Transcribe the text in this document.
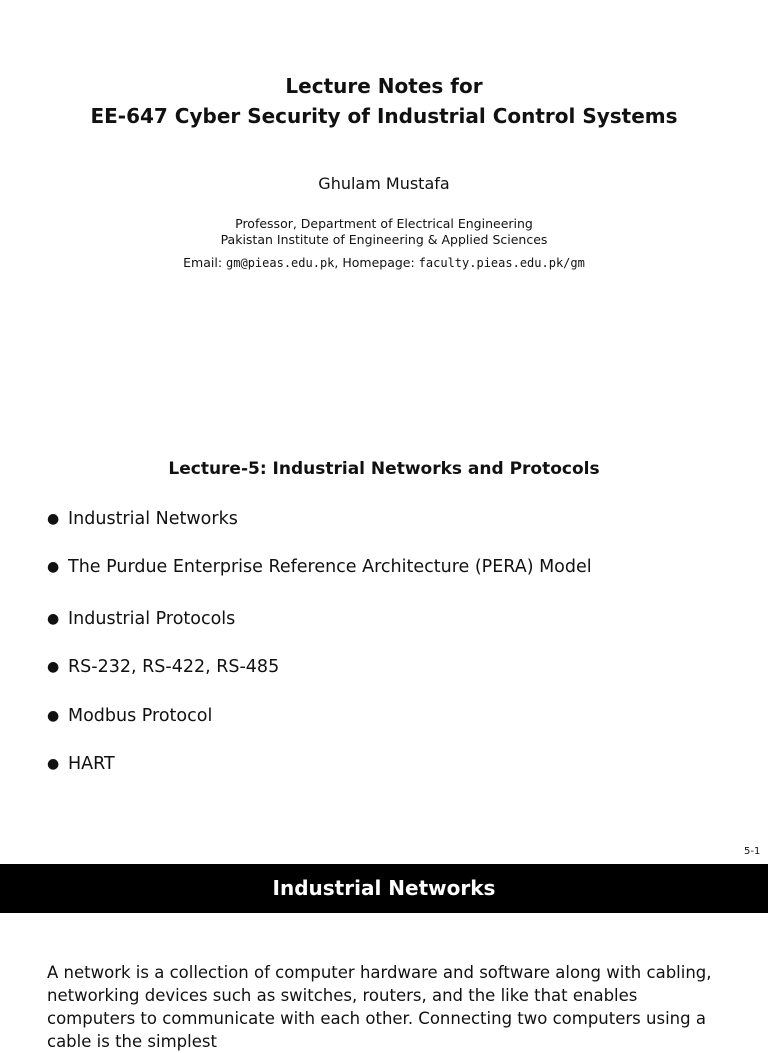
Lecture Notes for
EE-647 Cyber Security of Industrial Control Systems
Ghulam Mustafa
Professor, Department of Electrical Engineering
Pakistan Institute of Engineering & Applied Sciences
Email: gm@pieas.edu.pk, Homepage: faculty.pieas.edu.pk/gm
Lecture-5: Industrial Networks and Protocols
● Industrial Networks
● The Purdue Enterprise Reference Architecture (PERA) Model
● Industrial Protocols
● RS-232, RS-422, RS-485
● Modbus Protocol
● HART
5-1
Industrial Networks

A network is a collection of computer hardware and software along with cabling, networking devices such as switches, routers, and the like that enables computers to communicate with each other. Connecting two computers using a cable is the simplest
